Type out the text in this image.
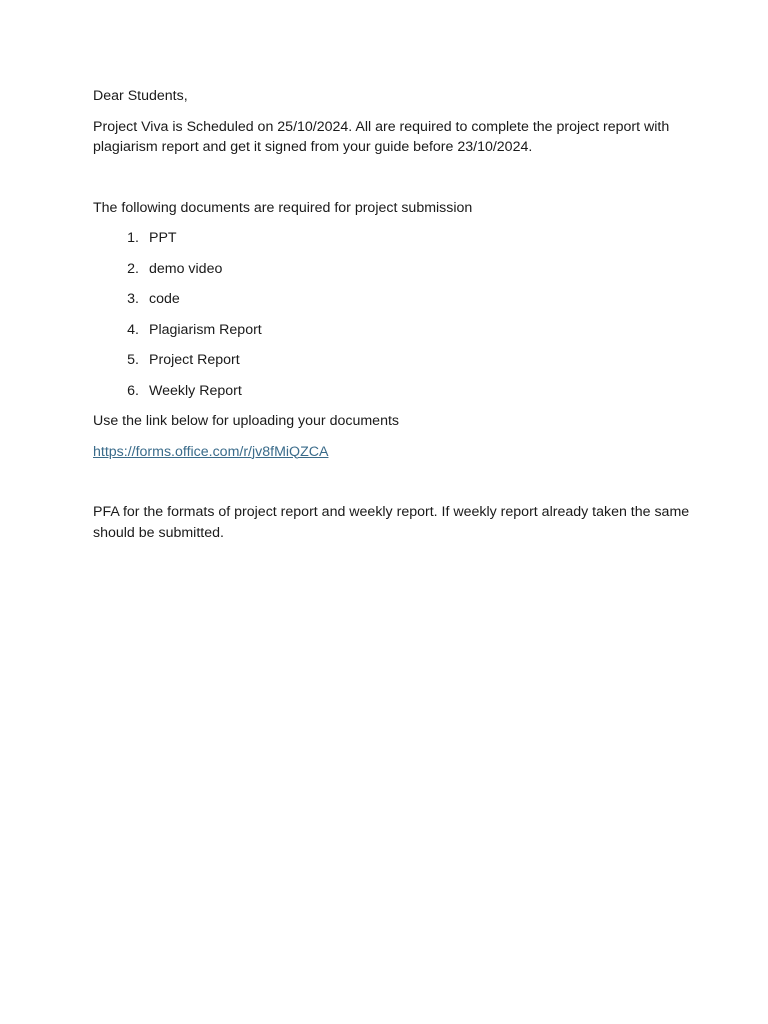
Dear Students,

Project Viva is Scheduled on 25/10/2024. All are required to complete the project report with plagiarism report and get it signed from your guide before 23/10/2024.

The following documents are required for project submission

1. PPT
2. demo video
3. code
4. Plagiarism Report
5. Project Report
6. Weekly Report

Use the link below for uploading your documents

https://forms.office.com/r/jv8fMiQZCA

PFA for the formats of project report and weekly report. If weekly report already taken the same should be submitted.
